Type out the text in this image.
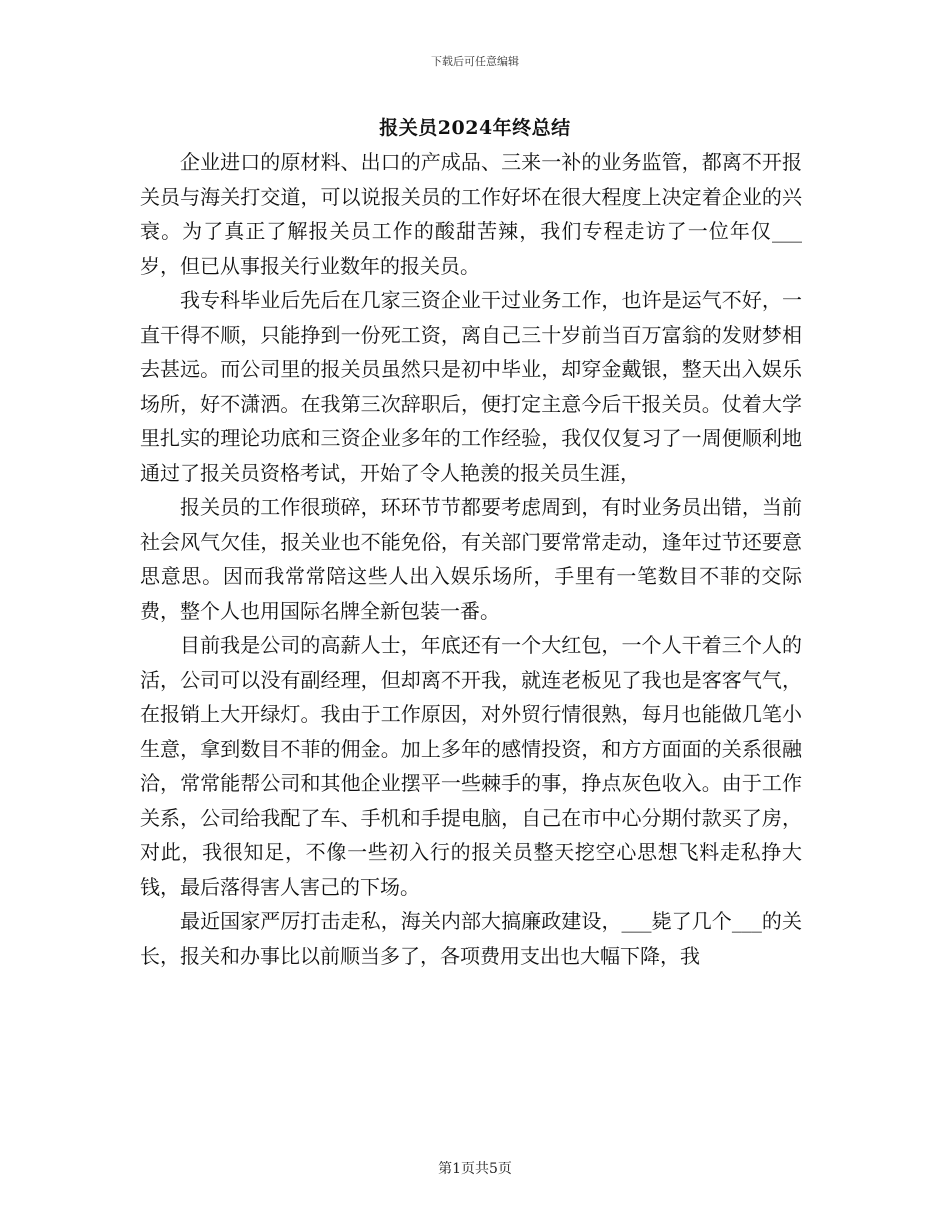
下载后可任意编辑
报关员2024年终总结

企业进口的原材料、出口的产成品、三来一补的业务监管，都离不开报关员与海关打交道，可以说报关员的工作好坏在很大程度上决定着企业的兴衰。为了真正了解报关员工作的酸甜苦辣，我们专程走访了一位年仅___岁，但已从事报关行业数年的报关员。

我专科毕业后先后在几家三资企业干过业务工作，也许是运气不好，一直干得不顺，只能挣到一份死工资，离自己三十岁前当百万富翁的发财梦相去甚远。而公司里的报关员虽然只是初中毕业，却穿金戴银，整天出入娱乐场所，好不潇洒。在我第三次辞职后，便打定主意今后干报关员。仗着大学里扎实的理论功底和三资企业多年的工作经验，我仅仅复习了一周便顺利地通过了报关员资格考试，开始了令人艳羡的报关员生涯，

报关员的工作很琐碎，环环节节都要考虑周到，有时业务员出错，当前社会风气欠佳，报关业也不能免俗，有关部门要常常走动，逢年过节还要意思意思。因而我常常陪这些人出入娱乐场所，手里有一笔数目不菲的交际费，整个人也用国际名牌全新包装一番。

目前我是公司的高薪人士，年底还有一个大红包，一个人干着三个人的活，公司可以没有副经理，但却离不开我，就连老板见了我也是客客气气，在报销上大开绿灯。我由于工作原因，对外贸行情很熟，每月也能做几笔小生意，拿到数目不菲的佣金。加上多年的感情投资，和方方面面的关系很融洽，常常能帮公司和其他企业摆平一些棘手的事，挣点灰色收入。由于工作关系，公司给我配了车、手机和手提电脑，自己在市中心分期付款买了房，对此，我很知足，不像一些初入行的报关员整天挖空心思想飞料走私挣大钱，最后落得害人害己的下场。

最近国家严厉打击走私，海关内部大搞廉政建设，___毙了几个___的关长，报关和办事比以前顺当多了，各项费用支出也大幅下降，我

第1页共5页
